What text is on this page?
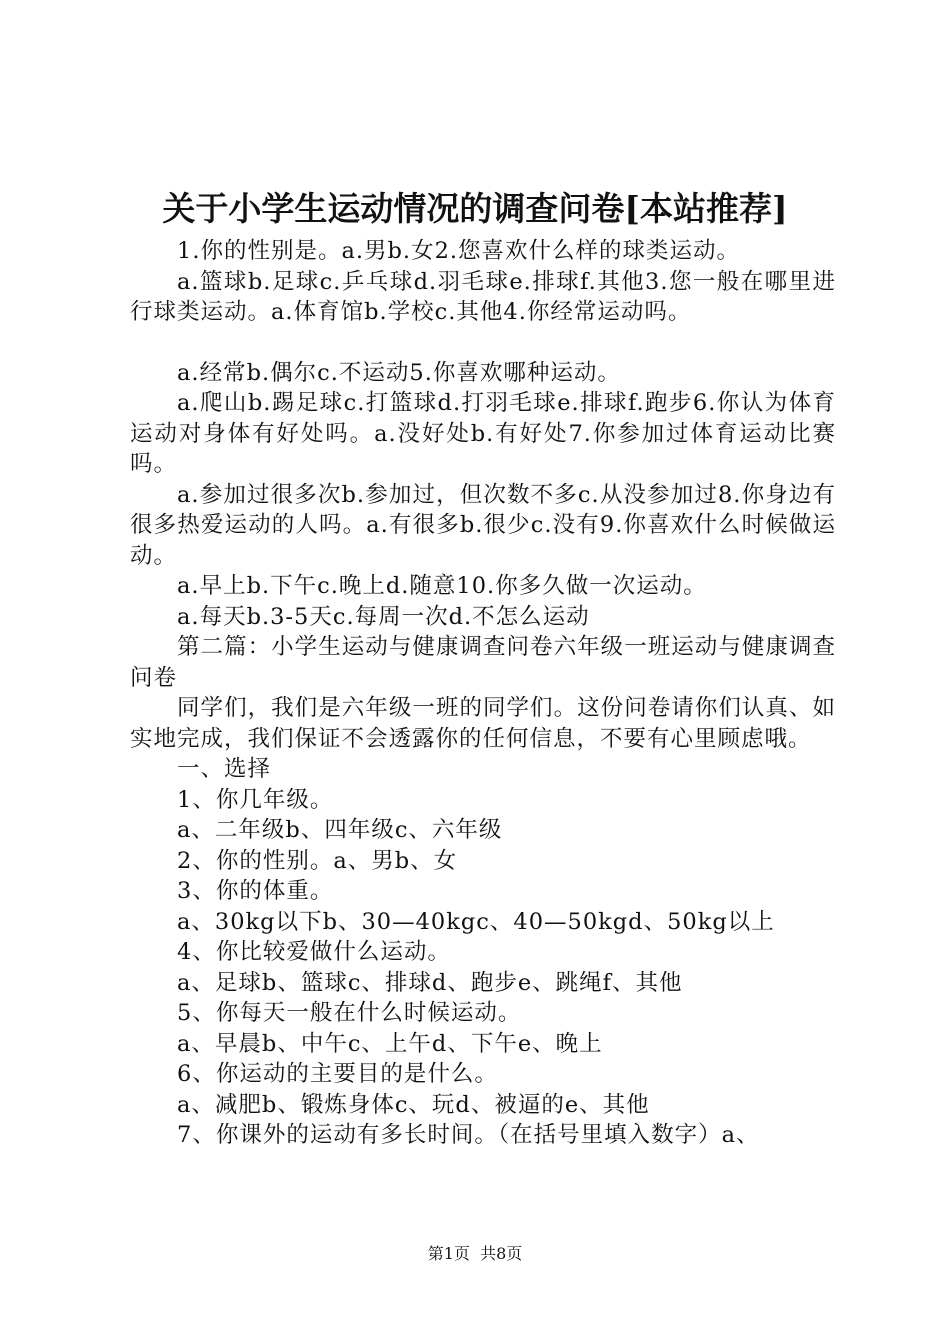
关于小学生运动情况的调查问卷[本站推荐]

1.你的性别是。a.男b.女2.您喜欢什么样的球类运动。

a.篮球b.足球c.乒乓球d.羽毛球e.排球f.其他3.您一般在哪里进行球类运动。a.体育馆b.学校c.其他4.你经常运动吗。

a.经常b.偶尔c.不运动5.你喜欢哪种运动。

a.爬山b.踢足球c.打篮球d.打羽毛球e.排球f.跑步6.你认为体育运动对身体有好处吗。a.没好处b.有好处7.你参加过体育运动比赛吗。

a.参加过很多次b.参加过，但次数不多c.从没参加过8.你身边有很多热爱运动的人吗。a.有很多b.很少c.没有9.你喜欢什么时候做运动。

a.早上b.下午c.晚上d.随意10.你多久做一次运动。

a.每天b.3-5天c.每周一次d.不怎么运动

第二篇：小学生运动与健康调查问卷六年级一班运动与健康调查问卷

同学们，我们是六年级一班的同学们。这份问卷请你们认真、如实地完成，我们保证不会透露你的任何信息，不要有心里顾虑哦。

一、选择

1、你几年级。

a、二年级b、四年级c、六年级

2、你的性别。a、男b、女

3、你的体重。

a、30kg以下b、30—40kgc、40—50kgd、50kg以上

4、你比较爱做什么运动。

a、足球b、篮球c、排球d、跑步e、跳绳f、其他

5、你每天一般在什么时候运动。

a、早晨b、中午c、上午d、下午e、晚上

6、你运动的主要目的是什么。

a、减肥b、锻炼身体c、玩d、被逼的e、其他

7、你课外的运动有多长时间。（在括号里填入数字）a、

第1页  共8页
